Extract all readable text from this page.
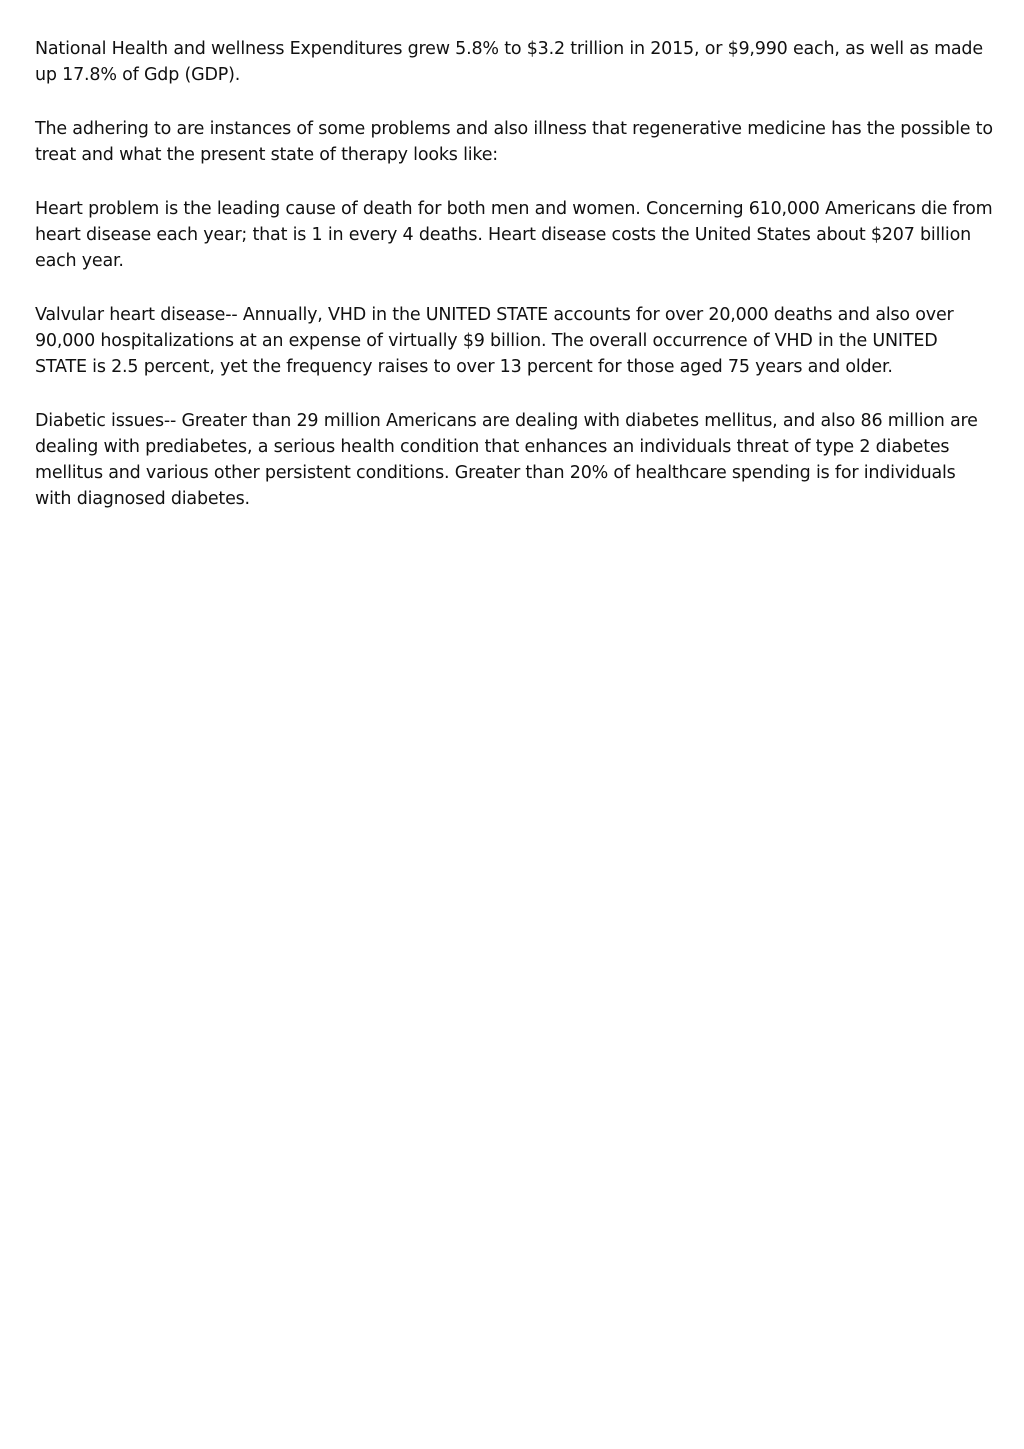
National Health and wellness Expenditures grew 5.8% to $3.2 trillion in 2015, or $9,990 each, as well as made up 17.8% of Gdp (GDP).

The adhering to are instances of some problems and also illness that regenerative medicine has the possible to treat and what the present state of therapy looks like:

Heart problem is the leading cause of death for both men and women. Concerning 610,000 Americans die from heart disease each year; that is 1 in every 4 deaths. Heart disease costs the United States about $207 billion each year.

Valvular heart disease-- Annually, VHD in the UNITED STATE accounts for over 20,000 deaths and also over 90,000 hospitalizations at an expense of virtually $9 billion. The overall occurrence of VHD in the UNITED STATE is 2.5 percent, yet the frequency raises to over 13 percent for those aged 75 years and older.

Diabetic issues-- Greater than 29 million Americans are dealing with diabetes mellitus, and also 86 million are dealing with prediabetes, a serious health condition that enhances an individuals threat of type 2 diabetes mellitus and various other persistent conditions. Greater than 20% of healthcare spending is for individuals with diagnosed diabetes.
